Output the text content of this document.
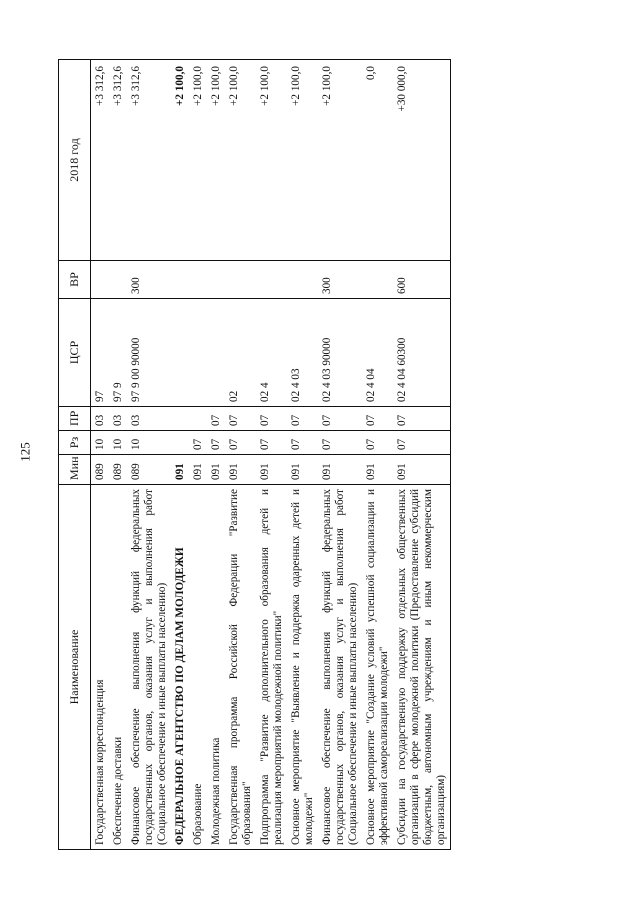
125
Наименование	Мин	Рз	ПР	ЦСР	ВР	2018 год
Государственная корреспонденция	089	10	03	97		+3 312,6
Обеспечение доставки	089	10	03	97 9		+3 312,6
Финансовое обеспечение выполнения функций федеральных государственных органов, оказания услуг и выполнения работ (Социальное обеспечение и иные выплаты населению)	089	10	03	97 9 00 90000	300	+3 312,6
ФЕДЕРАЛЬНОЕ АГЕНТСТВО ПО ДЕЛАМ МОЛОДЕЖИ	091					+2 100,0
Образование	091	07				+2 100,0
Молодежная политика	091	07	07			+2 100,0
Государственная программа Российской Федерации "Развитие образования"	091	07	07	02		+2 100,0
Подпрограмма "Развитие дополнительного образования детей и реализация мероприятий молодежной политики"	091	07	07	02 4		+2 100,0
Основное мероприятие "Выявление и поддержка одаренных детей и молодежи"	091	07	07	02 4 03		+2 100,0
Финансовое обеспечение выполнения функций федеральных государственных органов, оказания услуг и выполнения работ (Социальное обеспечение и иные выплаты населению)	091	07	07	02 4 03 90000	300	+2 100,0
Основное мероприятие "Создание условий успешной социализации и эффективной самореализации молодежи"	091	07	07	02 4 04		0,0
Субсидии на государственную поддержку отдельных общественных организаций в сфере молодежной политики (Предоставление субсидий бюджетным, автономным учреждениям и иным некоммерческим организациям)	091	07	07	02 4 04 60300	600	+30 000,0
